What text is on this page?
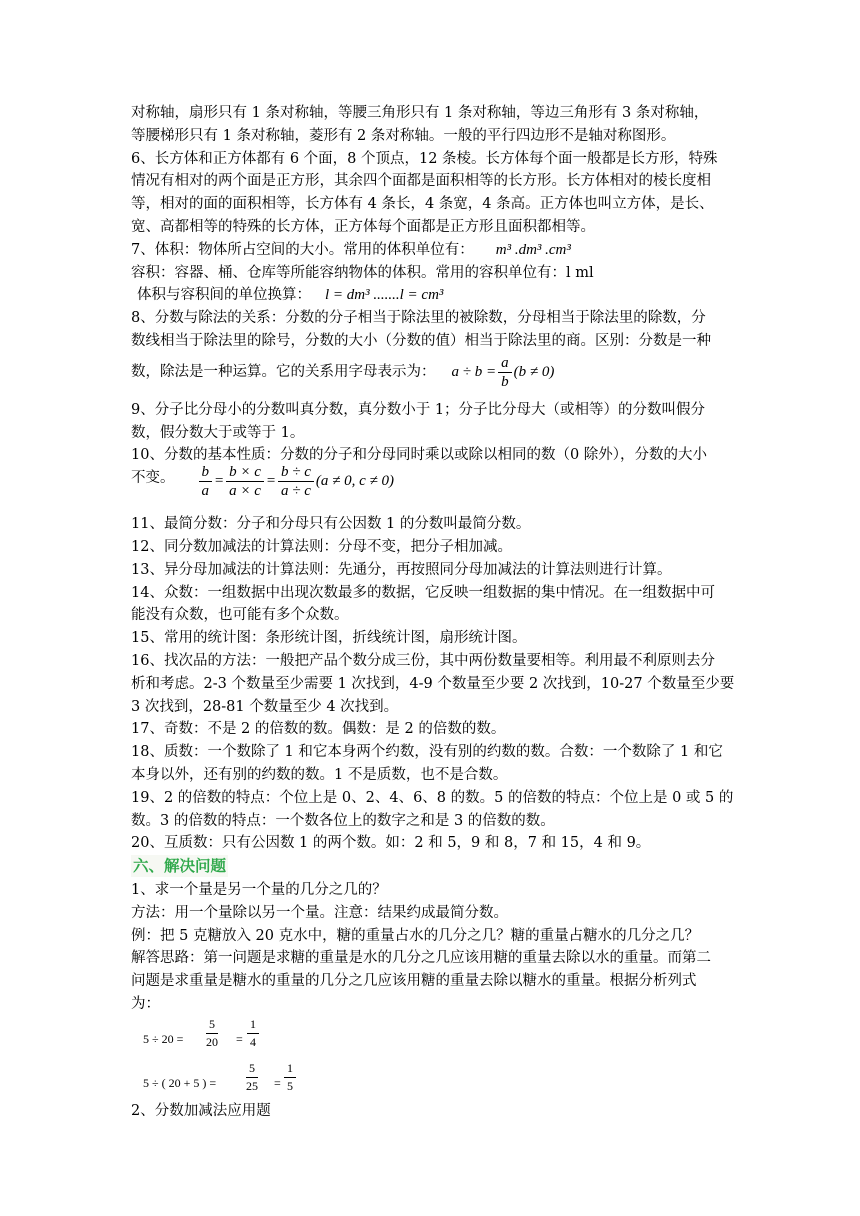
对称轴，扇形只有 1 条对称轴，等腰三角形只有 1 条对称轴，等边三角形有 3 条对称轴，

等腰梯形只有 1 条对称轴，菱形有 2 条对称轴。一般的平行四边形不是轴对称图形。

6、长方体和正方体都有 6 个面，8 个顶点，12 条棱。长方体每个面一般都是长方形，特殊

情况有相对的两个面是正方形，其余四个面都是面积相等的长方形。长方体相对的棱长度相

等，相对的面的面积相等，长方体有 4 条长，4 条宽，4 条高。正方体也叫立方体，是长、

宽、高都相等的特殊的长方体，正方体每个面都是正方形且面积都相等。

7、体积：物体所占空间的大小。常用的体积单位有： m³ .dm³ .cm³

容积：容器、桶、仓库等所能容纳物体的体积。常用的容积单位有：l ml

体积与容积间的单位换算： l = dm³ .......l = cm³

8、分数与除法的关系：分数的分子相当于除法里的被除数，分母相当于除法里的除数，分

数线相当于除法里的除号，分数的大小（分数的值）相当于除法里的商。区别：分数是一种

数，除法是一种运算。它的关系用字母表示为： $a \div b = \frac{a}{b} (b \ne 0)$

9、分子比分母小的分数叫真分数，真分数小于 1；分子比分母大（或相等）的分数叫假分

数，假分数大于或等于 1。

10、分数的基本性质：分数的分子和分母同时乘以或除以相同的数（0 除外），分数的大小

不变。 $\frac{b}{a} = \frac{b \times c}{a \times c} = \frac{b \div c}{a \div c} (a \ne 0$, c ≠ 0)

11、最简分数：分子和分母只有公因数 1 的分数叫最简分数。

12、同分数加减法的计算法则：分母不变，把分子相加减。

13、异分母加减法的计算法则：先通分，再按照同分母加减法的计算法则进行计算。

14、众数：一组数据中出现次数最多的数据，它反映一组数据的集中情况。在一组数据中可

能没有众数，也可能有多个众数。

15、常用的统计图：条形统计图，折线统计图，扇形统计图。

16、找次品的方法：一般把产品个数分成三份，其中两份数量要相等。利用最不利原则去分

析和考虑。2-3 个数量至少需要 1 次找到，4-9 个数量至少要 2 次找到，10-27 个数量至少要

3 次找到，28-81 个数量至少 4 次找到。

17、奇数：不是 2 的倍数的数。偶数：是 2 的倍数的数。

18、质数：一个数除了 1 和它本身两个约数，没有别的约数的数。合数：一个数除了 1 和它

本身以外，还有别的约数的数。1 不是质数，也不是合数。

19、2 的倍数的特点：个位上是 0、2、4、6、8 的数。5 的倍数的特点：个位上是 0 或 5 的

数。3 的倍数的特点：一个数各位上的数字之和是 3 的倍数的数。

20、互质数：只有公因数 1 的两个数。如：2 和 5，9 和 8，7 和 15，4 和 9。

六、解决问题

1、求一个量是另一个量的几分之几的？

方法：用一个量除以另一个量。注意：结果约成最简分数。

例：把 5 克糖放入 20 克水中，糖的重量占水的几分之几？糖的重量占糖水的几分之几？

解答思路：第一问题是求糖的重量是水的几分之几应该用糖的重量去除以水的重量。而第二

问题是求重量是糖水的重量的几分之几应该用糖的重量去除以糖水的重量。根据分析列式

为：

$5 \div 20 = \frac{5}{20} = \frac{1}{4}$
5 ÷ ( 20 + 5 ) = $\frac{5}{25} = \frac{1}{5}$

2、分数加减法应用题
